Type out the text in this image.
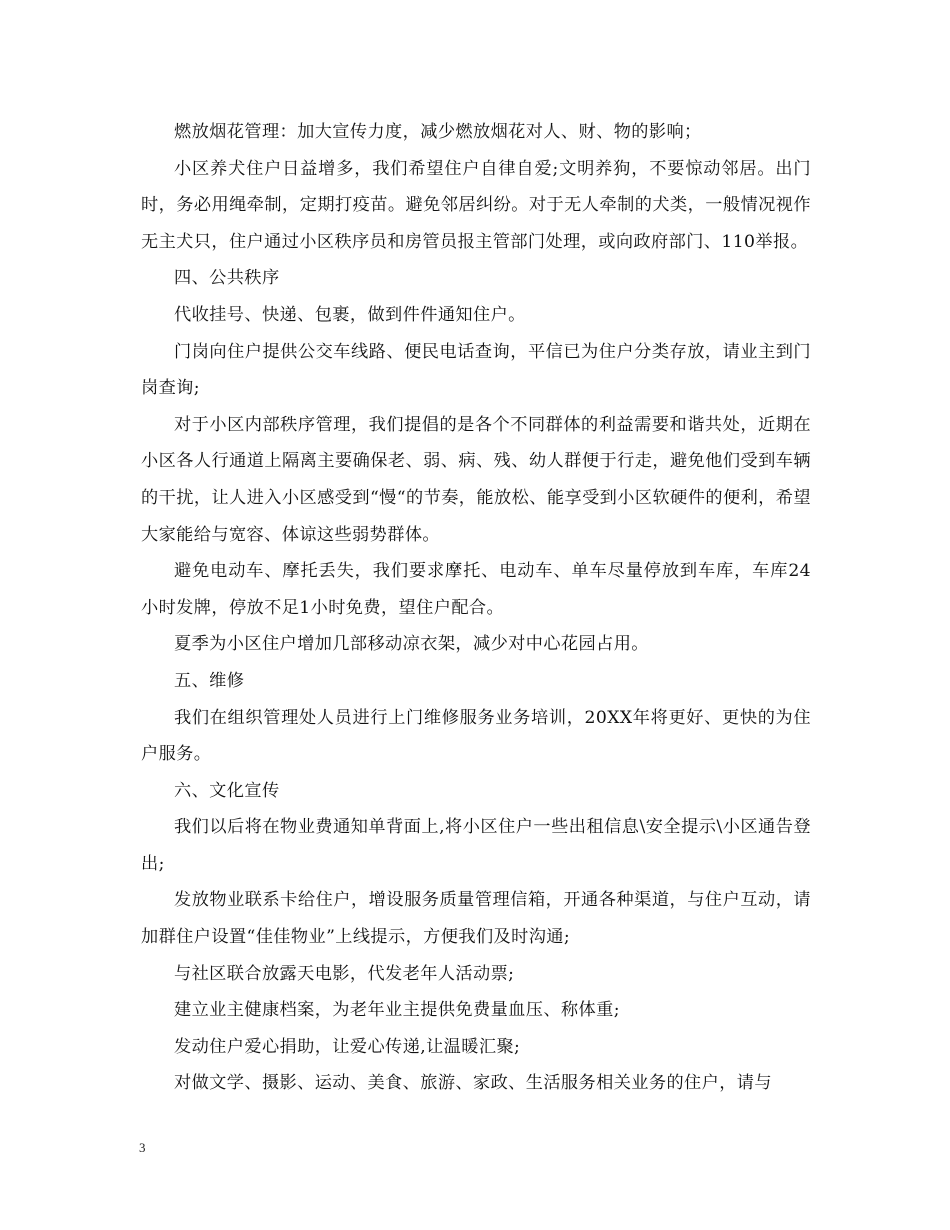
燃放烟花管理：加大宣传力度，减少燃放烟花对人、财、物的影响；

小区养犬住户日益增多，我们希望住户自律自爱;文明养狗，不要惊动邻居。出门时，务必用绳牵制，定期打疫苗。避免邻居纠纷。对于无人牵制的犬类，一般情况视作无主犬只，住户通过小区秩序员和房管员报主管部门处理，或向政府部门、110举报。

四、公共秩序

代收挂号、快递、包裹，做到件件通知住户。

门岗向住户提供公交车线路、便民电话查询，平信已为住户分类存放，请业主到门岗查询;

对于小区内部秩序管理，我们提倡的是各个不同群体的利益需要和谐共处，近期在小区各人行通道上隔离主要确保老、弱、病、残、幼人群便于行走，避免他们受到车辆的干扰，让人进入小区感受到“慢“的节奏，能放松、能享受到小区软硬件的便利，希望大家能给与宽容、体谅这些弱势群体。

避免电动车、摩托丢失，我们要求摩托、电动车、单车尽量停放到车库，车库24小时发牌，停放不足1小时免费，望住户配合。

夏季为小区住户增加几部移动凉衣架，减少对中心花园占用。

五、维修

我们在组织管理处人员进行上门维修服务业务培训，20XX年将更好、更快的为住户服务。

六、文化宣传

我们以后将在物业费通知单背面上,将小区住户一些出租信息\安全提示\小区通告登出;

发放物业联系卡给住户，增设服务质量管理信箱，开通各种渠道，与住户互动，请加群住户设置“佳佳物业”上线提示，方便我们及时沟通;

与社区联合放露天电影，代发老年人活动票;

建立业主健康档案，为老年业主提供免费量血压、称体重;

发动住户爱心捐助，让爱心传递,让温暖汇聚;

对做文学、摄影、运动、美食、旅游、家政、生活服务相关业务的住户，请与

3
